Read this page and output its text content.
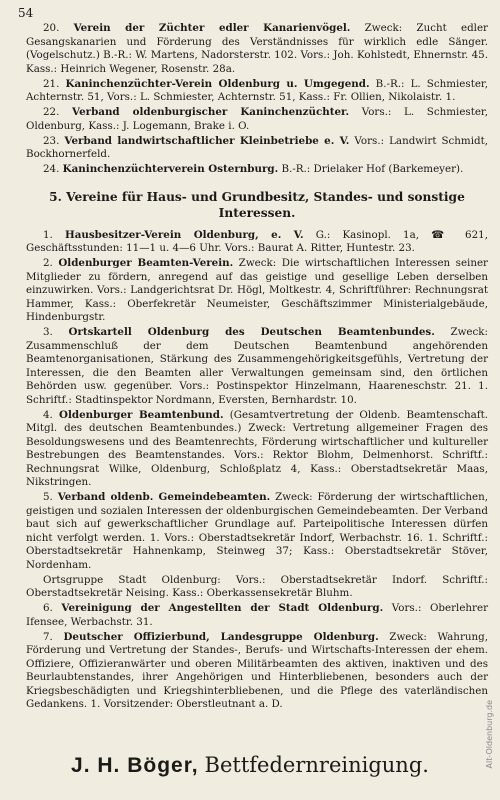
54

20. Verein der Züchter edler Kanarienvögel. Zweck: Zucht edler Gesangskanarien und Förderung des Verständnisses für wirklich edle Sänger. (Vogelschutz.) B.-R.: W. Martens, Nadorsterstr. 102. Vors.: Joh. Kohlstedt, Ehnernstr. 45. Kass.: Heinrich Wegener, Rosenstr. 28a.

21. Kaninchenzüchter-Verein Oldenburg u. Umgegend. B.-R.: L. Schmiester, Achternstr. 51, Vors.: L. Schmiester, Achternstr. 51, Kass.: Fr. Ollien, Nikolaistr. 1.

22. Verband oldenburgischer Kaninchenzüchter. Vors.: L. Schmiester, Oldenburg, Kass.: J. Logemann, Brake i. O.

23. Verband landwirtschaftlicher Kleinbetriebe e. V. Vors.: Landwirt Schmidt, Bockhornerfeld.

24. Kaninchenzüchterverein Osternburg. B.-R.: Drielaker Hof (Barkemeyer).

5. Vereine für Haus- und Grundbesitz, Standes- und sonstige Interessen.

1. Hausbesitzer-Verein Oldenburg, e. V. G.: Kasinopl. 1a, ☎ 621, Geschäftsstunden: 11—1 u. 4—6 Uhr. Vors.: Baurat A. Ritter, Huntestr. 23.

2. Oldenburger Beamten-Verein. Zweck: Die wirtschaftlichen Interessen seiner Mitglieder zu fördern, anregend auf das geistige und gesellige Leben derselben einzuwirken. Vors.: Landgerichtsrat Dr. Högl, Moltkestr. 4, Schriftführer: Rechnungsrat Hammer, Kass.: Oberfekretär Neumeister, Geschäftszimmer Ministerialgebäude, Hindenburgstr.

3. Ortskartell Oldenburg des Deutschen Beamtenbundes. Zweck: Zusammenschluß der dem Deutschen Beamtenbund angehörenden Beamtenorganisationen, Stärkung des Zusammengehörigkeitsgefühls, Vertretung der Interessen, die den Beamten aller Verwaltungen gemeinsam sind, den örtlichen Behörden usw. gegenüber. Vors.: Postinspektor Hinzelmann, Haareneschstr. 21. 1. Schriftf.: Stadtinspektor Nordmann, Eversten, Bernhardstr. 10.

4. Oldenburger Beamtenbund. (Gesamtvertretung der Oldenb. Beamtenschaft. Mitgl. des deutschen Beamtenbundes.) Zweck: Vertretung allgemeiner Fragen des Besoldungswesens und des Beamtenrechts, Förderung wirtschaftlicher und kultureller Bestrebungen des Beamtenstandes. Vors.: Rektor Blohm, Delmenhorst. Schriftf.: Rechnungsrat Wilke, Oldenburg, Schloßplatz 4, Kass.: Oberstadtsekretär Maas, Nikstringen.

5. Verband oldenb. Gemeindebeamten. Zweck: Förderung der wirtschaftlichen, geistigen und sozialen Interessen der oldenburgischen Gemeindebeamten. Der Verband baut sich auf gewerkschaftlicher Grundlage auf. Parteipolitische Interessen dürfen nicht verfolgt werden. 1. Vors.: Oberstadtsekretär Indorf, Werbachstr. 16. 1. Schriftf.: Oberstadtsekretär Hahnenkamp, Steinweg 37; Kass.: Oberstadtsekretär Stöver, Nordenham.

Ortsgruppe Stadt Oldenburg: Vors.: Oberstadtsekretär Indorf. Schriftf.: Oberstadtsekretär Neising. Kass.: Oberkassensekretär Bluhm.

6. Vereinigung der Angestellten der Stadt Oldenburg. Vors.: Oberlehrer Ifensee, Werbachstr. 31.

7. Deutscher Offizierbund, Landesgruppe Oldenburg. Zweck: Wahrung, Förderung und Vertretung der Standes-, Berufs- und Wirtschafts-Interessen der ehem. Offiziere, Offizieranwärter und oberen Militärbeamten des aktiven, inaktiven und des Beurlaubtenstandes, ihrer Angehörigen und Hinterbliebenen, besonders auch der Kriegsbeschädigten und Kriegshinterbliebenen, und die Pflege des vaterländischen Gedankens. 1. Vorsitzender: Oberstleutnant a. D.

J. H. Böger, Bettfedernreinigung.	Alt-Oldenburg.de
